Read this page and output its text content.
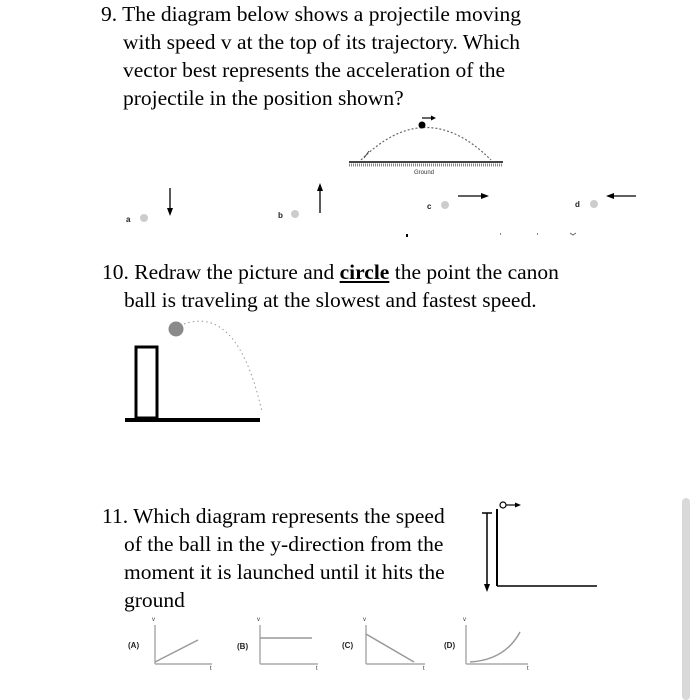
9. The diagram below shows a projectile moving
with speed v at the top of its trajectory. Which
vector best represents the acceleration of the
projectile in the position shown?
Ground
a	b
c	d
10. Redraw the picture and circle the point the canon
ball is traveling at the slowest and fastest speed.
11. Which diagram represents the speed
of the ball in the y-direction from the
moment it is launched until it hits the
ground
(A)	(B)	(C)	(D)
v
t
v
t
v
t
v
t
